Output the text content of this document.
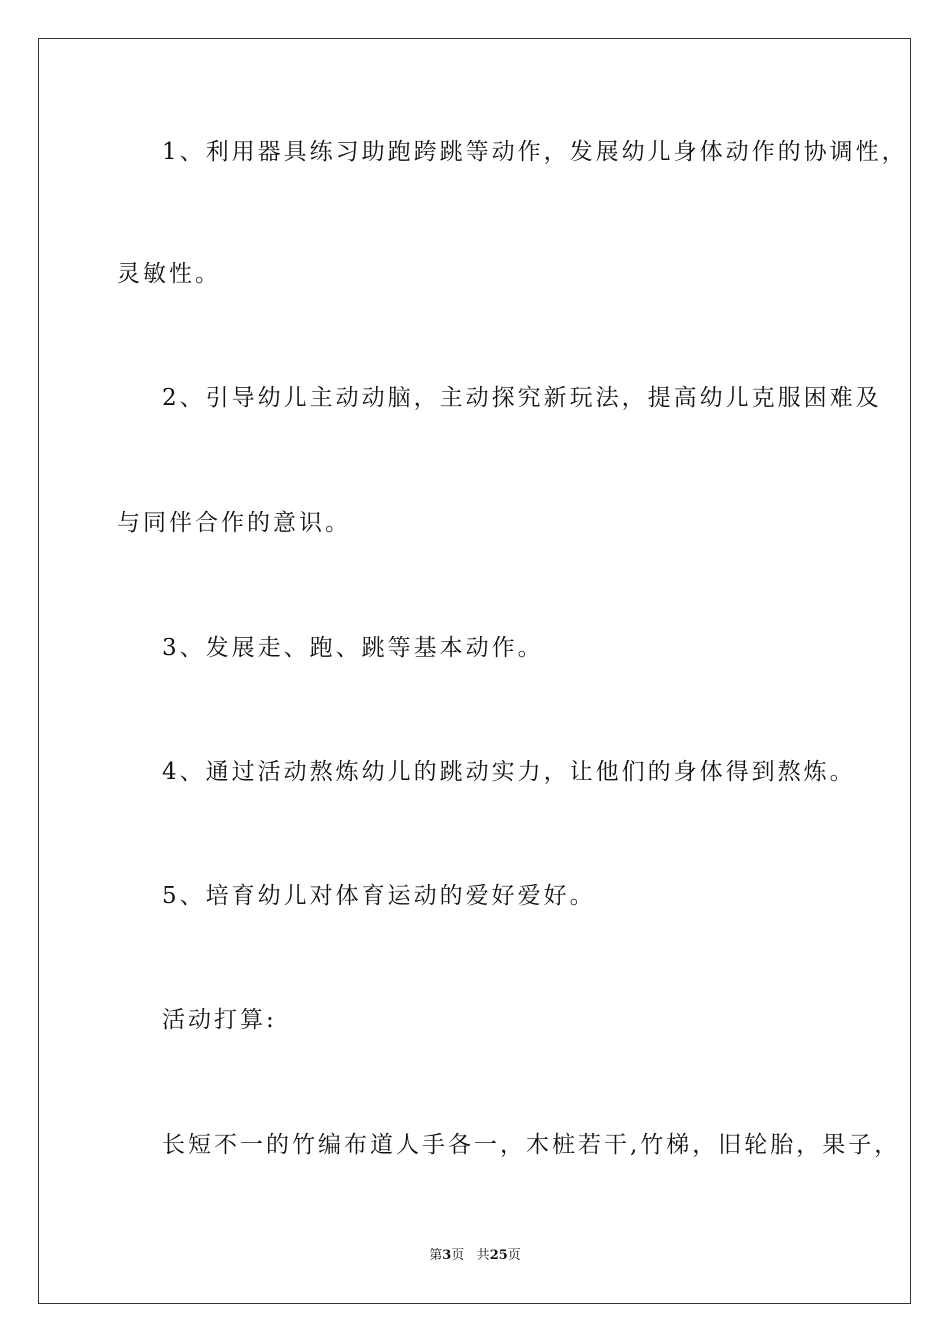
1、利用器具练习助跑跨跳等动作，发展幼儿身体动作的协调性，
灵敏性。
2、引导幼儿主动动脑，主动探究新玩法，提高幼儿克服困难及
与同伴合作的意识。
3、发展走、跑、跳等基本动作。
4、通过活动熬炼幼儿的跳动实力，让他们的身体得到熬炼。
5、培育幼儿对体育运动的爱好爱好。
活动打算:
长短不一的竹编布道人手各一，木桩若干,竹梯，旧轮胎，果子，
第3页 共25页
